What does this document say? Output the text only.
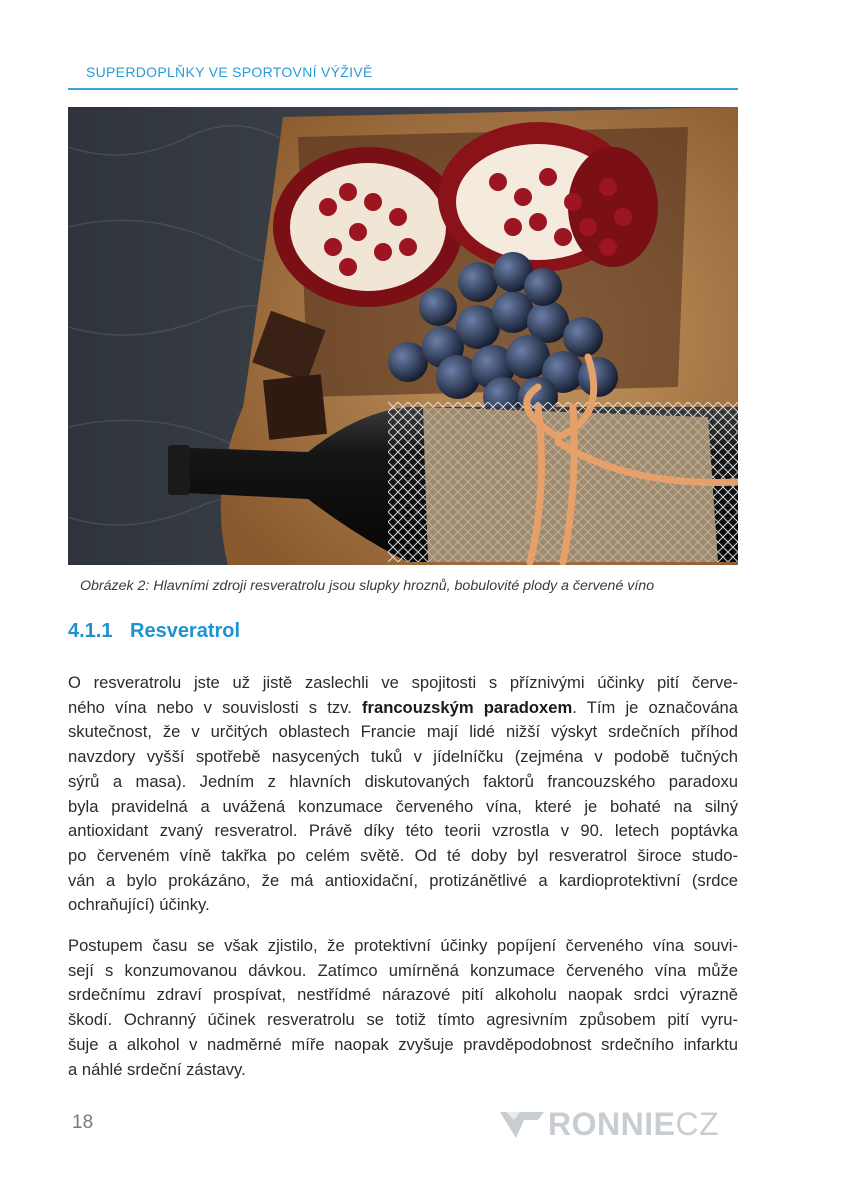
SUPERDOPLŇKY VE SPORTOVNÍ VÝŽIVĚ
Obrázek 2: Hlavními zdroji resveratrolu jsou slupky hroznů, bobulovité plody a červené víno
4.1.1 Resveratrol
O resveratrolu jste už jistě zaslechli ve spojitosti s příznivými účinky pití červe-
ného vína nebo v souvislosti s tzv. francouzským paradoxem. Tím je označována
skutečnost, že v určitých oblastech Francie mají lidé nižší výskyt srdečních příhod
navzdory vyšší spotřebě nasycených tuků v jídelníčku (zejména v podobě tučných
sýrů a masa). Jedním z hlavních diskutovaných faktorů francouzského paradoxu
byla pravidelná a uvážená konzumace červeného vína, které je bohaté na silný
antioxidant zvaný resveratrol. Právě díky této teorii vzrostla v 90. letech poptávka
po červeném víně takřka po celém světě. Od té doby byl resveratrol široce studo-
ván a bylo prokázáno, že má antioxidační, protizánětlivé a kardioprotektivní (srdce
ochraňující) účinky.
Postupem času se však zjistilo, že protektivní účinky popíjení červeného vína souvi-
sejí s konzumovanou dávkou. Zatímco umírněná konzumace červeného vína může
srdečnímu zdraví prospívat, nestřídmé nárazové pití alkoholu naopak srdci výrazně
škodí. Ochranný účinek resveratrolu se totiž tímto agresivním způsobem pití vyru-
šuje a alkohol v nadměrné míře naopak zvyšuje pravděpodobnost srdečního infarktu
a náhlé srdeční zástavy.
18	RONNIECZ
